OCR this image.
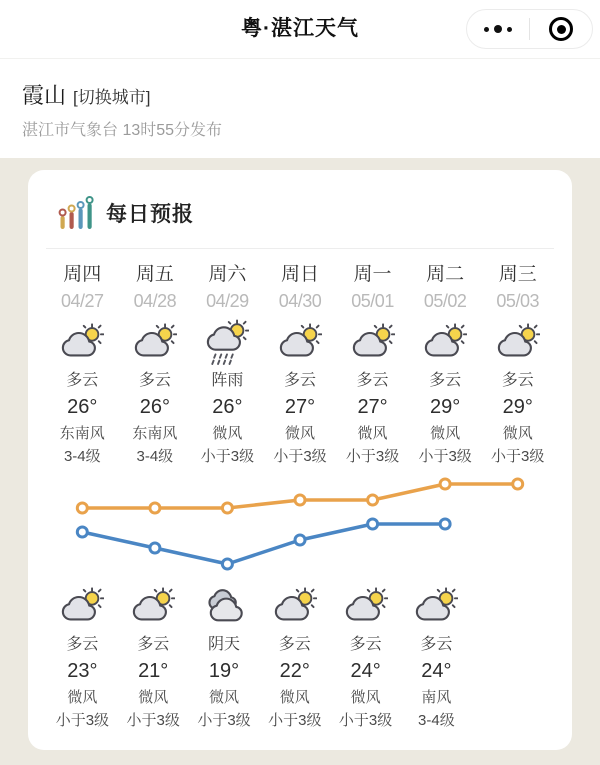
粤·湛江天气
霞山 [切换城市]
湛江市气象台 13时55分发布
每日预报
周四
04/27
多云
26°
东南风
3-4级
周五
04/28
多云
26°
东南风
3-4级
周六
04/29
阵雨
26°
微风
小于3级
周日
04/30
多云
27°
微风
小于3级
周一
05/01
多云
27°
微风
小于3级
周二
05/02
多云
29°
微风
小于3级
周三
05/03
多云
29°
微风
小于3级
多云
23°
微风
小于3级
多云
21°
微风
小于3级
阴天
19°
微风
小于3级
多云
22°
微风
小于3级
多云
24°
微风
小于3级
多云
24°
南风
3-4级
